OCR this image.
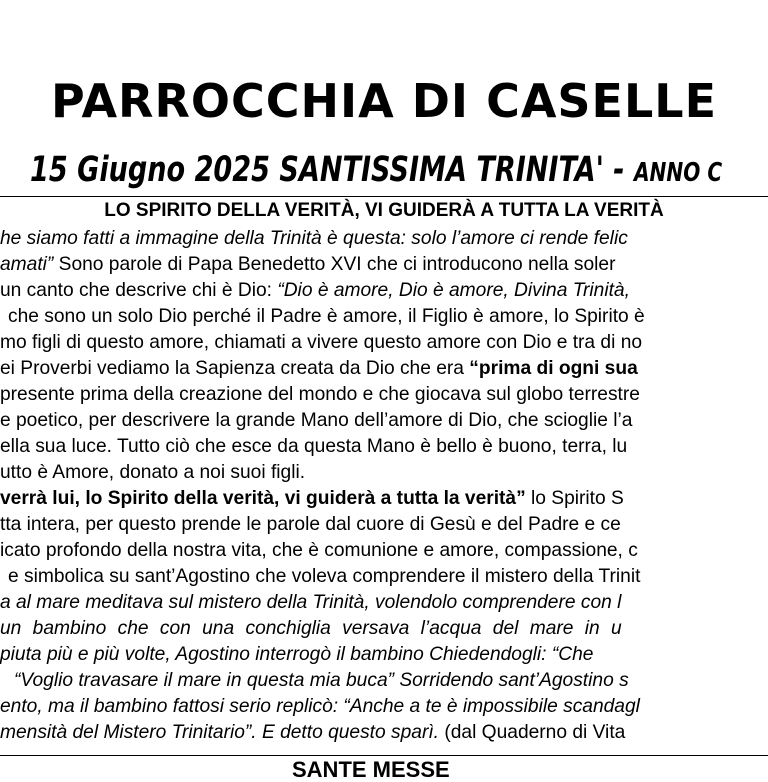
PARROCCHIA DI CASELLE
15 Giugno 2025 SANTISSIMA TRINITA' - ANNO C
LO SPIRITO DELLA VERITÀ, VI GUIDERÀ A TUTTA LA VERITÀ
he siamo fatti a immagine della Trinità è questa: solo l’amore ci rende felic
amati” Sono parole di Papa Benedetto XVI che ci introducono nella soler
un canto che descrive chi è Dio: “Dio è amore, Dio è amore, Divina Trinità,
che sono un solo Dio perché il Padre è amore, il Figlio è amore, lo Spirito è
mo figli di questo amore, chiamati a vivere questo amore con Dio e tra di no
ei Proverbi vediamo la Sapienza creata da Dio che era “prima di ogni sua
presente prima della creazione del mondo e che giocava sul globo terrestre
e poetico, per descrivere la grande Mano dell’amore di Dio, che scioglie l’a
ella sua luce. Tutto ciò che esce da questa Mano è bello è buono, terra, lu
utto è Amore, donato a noi suoi figli.
verrà lui, lo Spirito della verità, vi guiderà a tutta la verità” lo Spirito S
tta intera, per questo prende le parole dal cuore di Gesù e del Padre e ce
icato profondo della nostra vita, che è comunione e amore, compassione, c
e simbolica su sant’Agostino che voleva comprendere il mistero della Trinit
a al mare meditava sul mistero della Trinità, volendolo comprendere con l
un bambino che con una conchiglia versava l’acqua del mare in u
piuta più e più volte, Agostino interrogò il bambino Chiedendogli: “Che
“Voglio travasare il mare in questa mia buca” Sorridendo sant’Agostino s
ento, ma il bambino fattosi serio replicò: “Anche a te è impossibile scandagl
mensità del Mistero Trinitario”. E detto questo sparì. (dal Quaderno di Vita
SANTE MESSE
